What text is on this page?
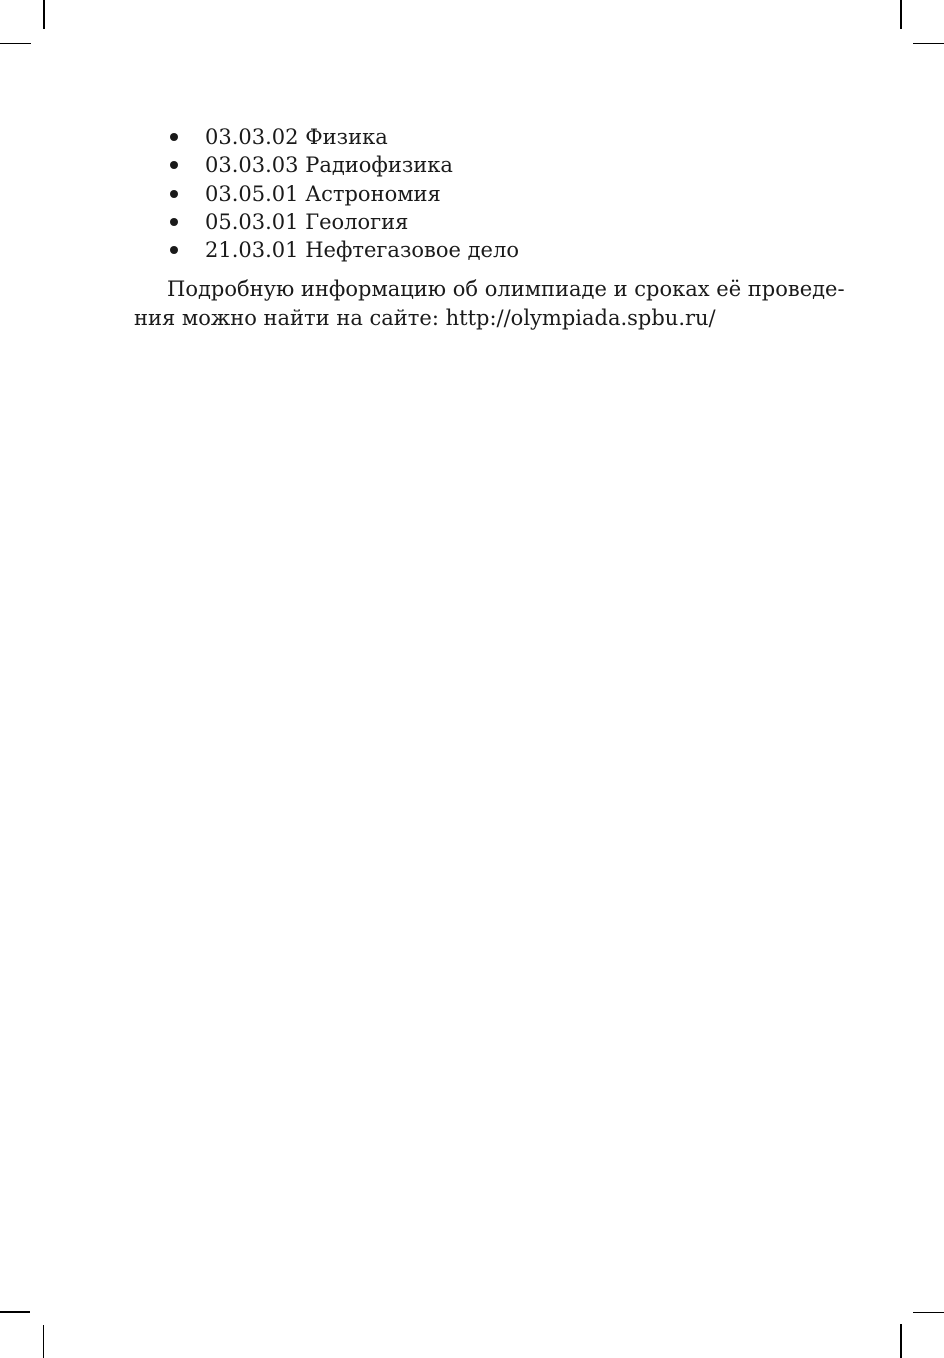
03.03.02 Физика
03.03.03 Радиофизика
03.05.01 Астрономия
05.03.01 Геология
21.03.01 Нефтегазовое дело
Подробную информацию об олимпиаде и сроках её проведе-
ния можно найти на сайте: http://olympiada.spbu.ru/
